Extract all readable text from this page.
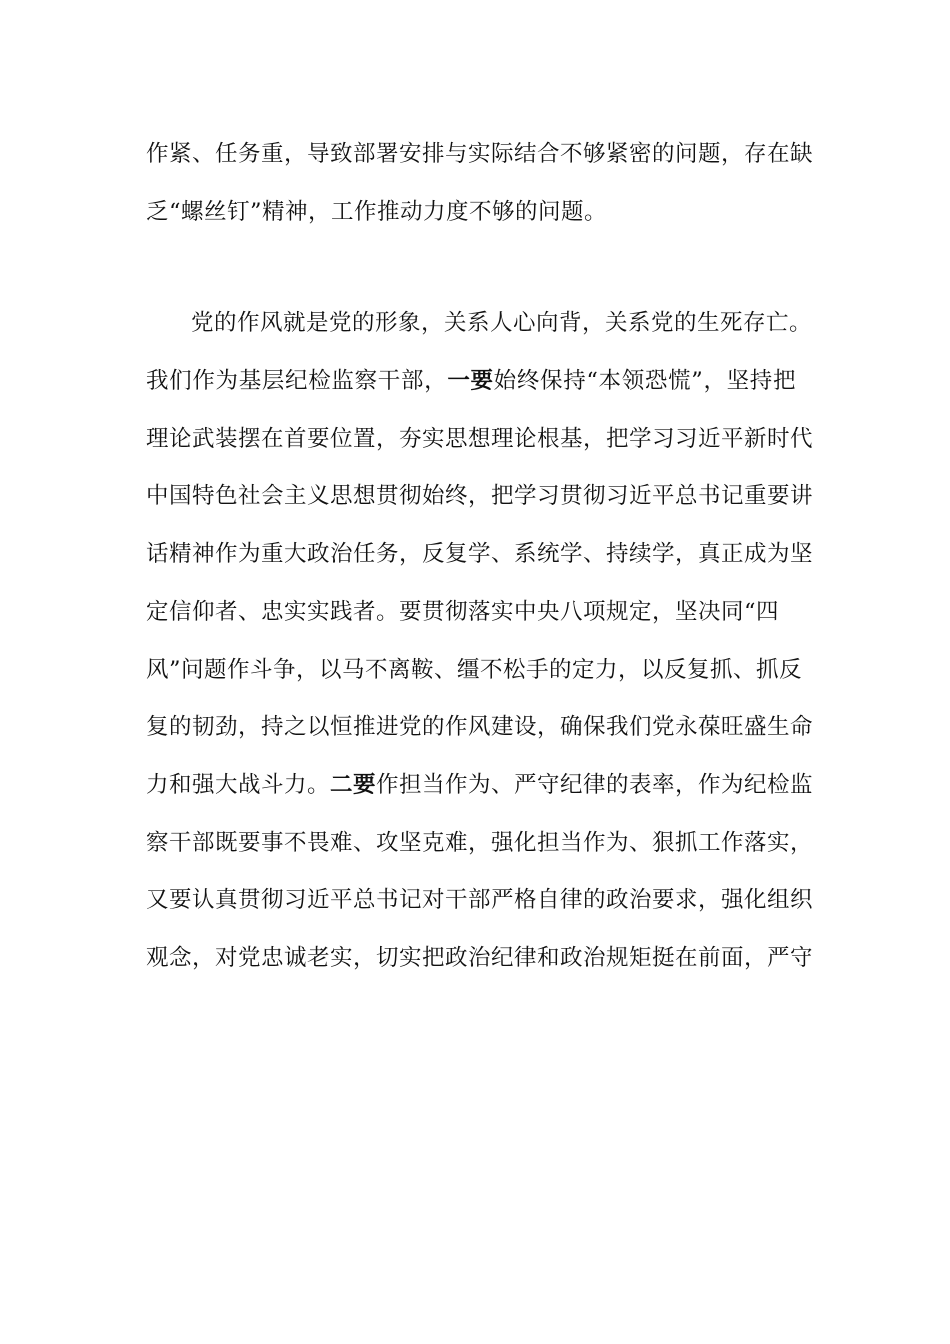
作紧、任务重，导致部署安排与实际结合不够紧密的问题，存在缺
乏“螺丝钉”精神，工作推动力度不够的问题。
党的作风就是党的形象，关系人心向背，关系党的生死存亡。
我们作为基层纪检监察干部，一要始终保持“本领恐慌”，坚持把
理论武装摆在首要位置，夯实思想理论根基，把学习习近平新时代
中国特色社会主义思想贯彻始终，把学习贯彻习近平总书记重要讲
话精神作为重大政治任务，反复学、系统学、持续学，真正成为坚
定信仰者、忠实实践者。要贯彻落实中央八项规定，坚决同“四
风”问题作斗争，以马不离鞍、缰不松手的定力，以反复抓、抓反
复的韧劲，持之以恒推进党的作风建设，确保我们党永葆旺盛生命
力和强大战斗力。二要作担当作为、严守纪律的表率，作为纪检监
察干部既要事不畏难、攻坚克难，强化担当作为、狠抓工作落实，
又要认真贯彻习近平总书记对干部严格自律的政治要求，强化组织
观念，对党忠诚老实，切实把政治纪律和政治规矩挺在前面，严守
